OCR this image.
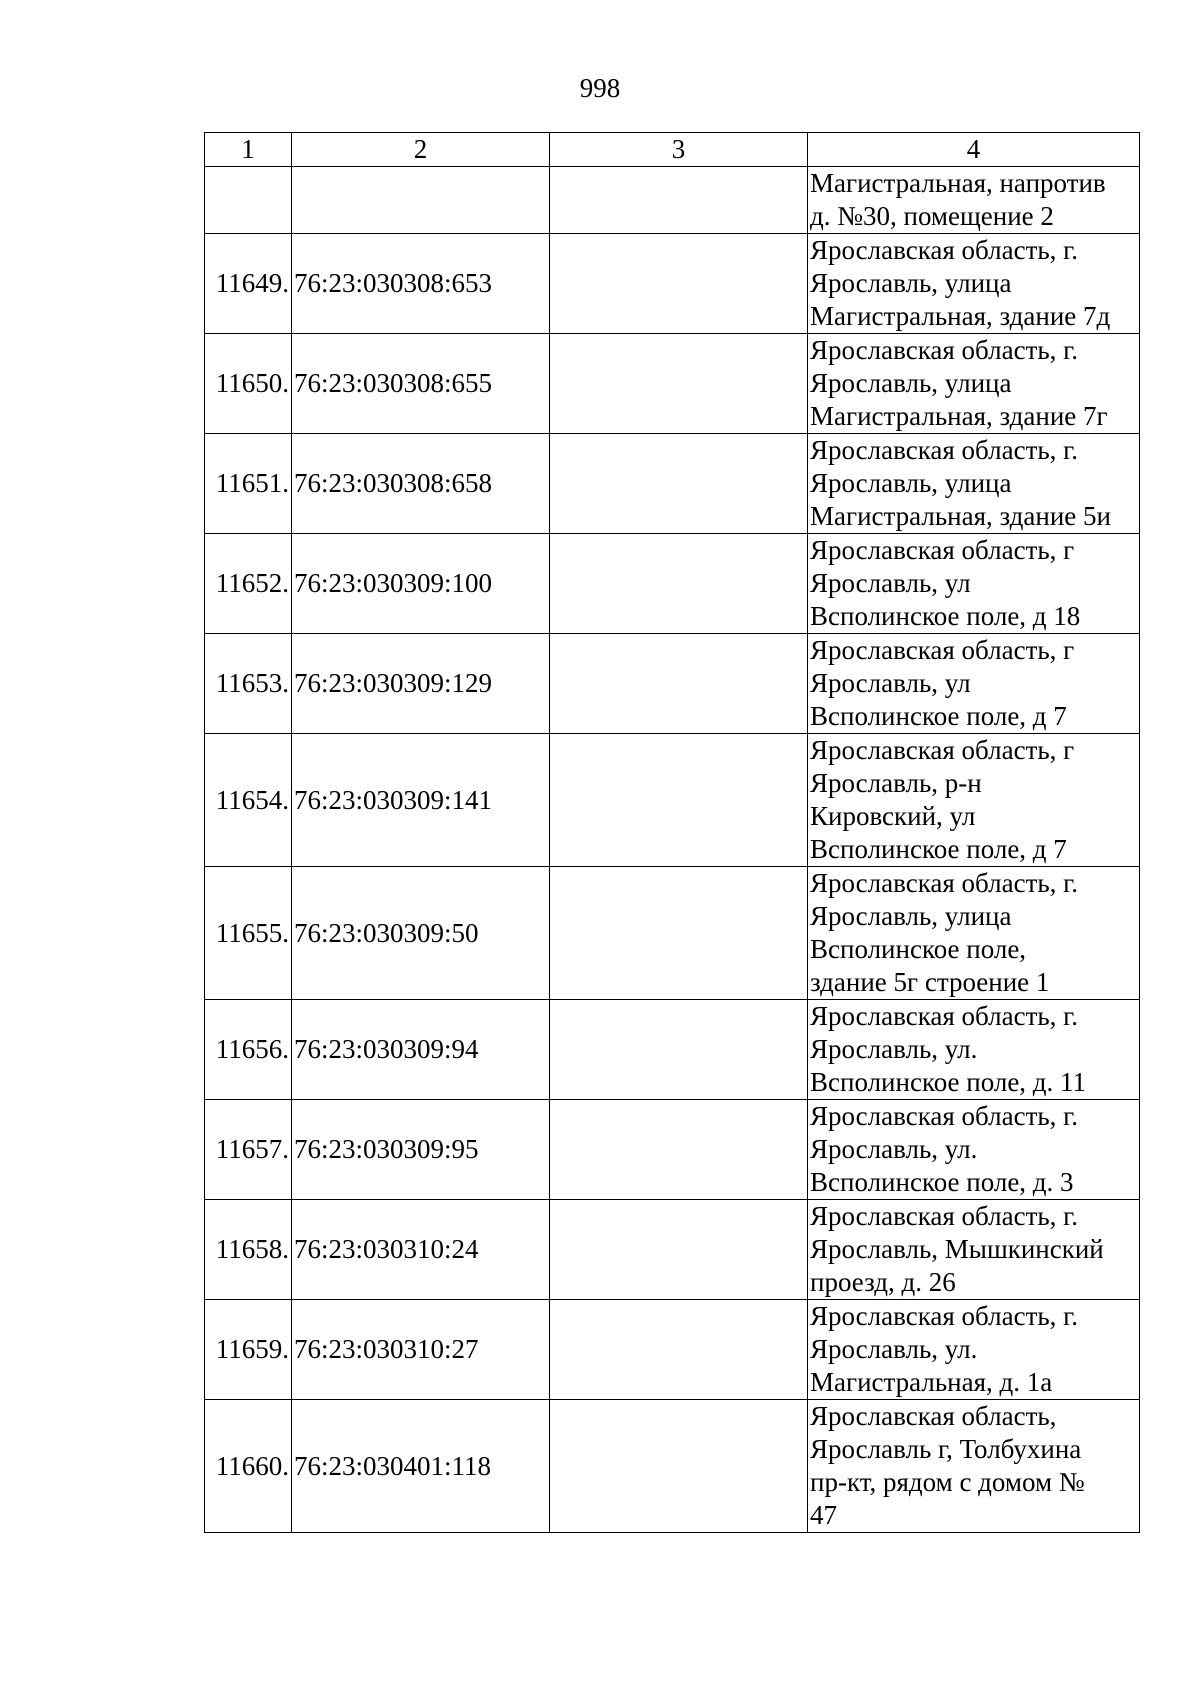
998
1	2	3	4

			Магистральная, напротив
д. №30, помещение 2

11649.	76:23:030308:653		Ярославская область, г.
Ярославль, улица
Магистральная, здание 7д

11650.	76:23:030308:655		Ярославская область, г.
Ярославль, улица
Магистральная, здание 7г

11651.	76:23:030308:658		Ярославская область, г.
Ярославль, улица
Магистральная, здание 5и

11652.	76:23:030309:100		Ярославская область, г
Ярославль, ул
Всполинское поле, д 18

11653.	76:23:030309:129		Ярославская область, г
Ярославль, ул
Всполинское поле, д 7

11654.	76:23:030309:141		Ярославская область, г
Ярославль, р-н
Кировский, ул
Всполинское поле, д 7

11655.	76:23:030309:50		Ярославская область, г.
Ярославль, улица
Всполинское поле,
здание 5г строение 1

11656.	76:23:030309:94		Ярославская область, г.
Ярославль, ул.
Всполинское поле, д. 11

11657.	76:23:030309:95		Ярославская область, г.
Ярославль, ул.
Всполинское поле, д. 3

11658.	76:23:030310:24		Ярославская область, г.
Ярославль, Мышкинский
проезд, д. 26

11659.	76:23:030310:27		Ярославская область, г.
Ярославль, ул.
Магистральная, д. 1а

11660.	76:23:030401:118		Ярославская область,
Ярославль г, Толбухина
пр-кт, рядом с домом №
47
